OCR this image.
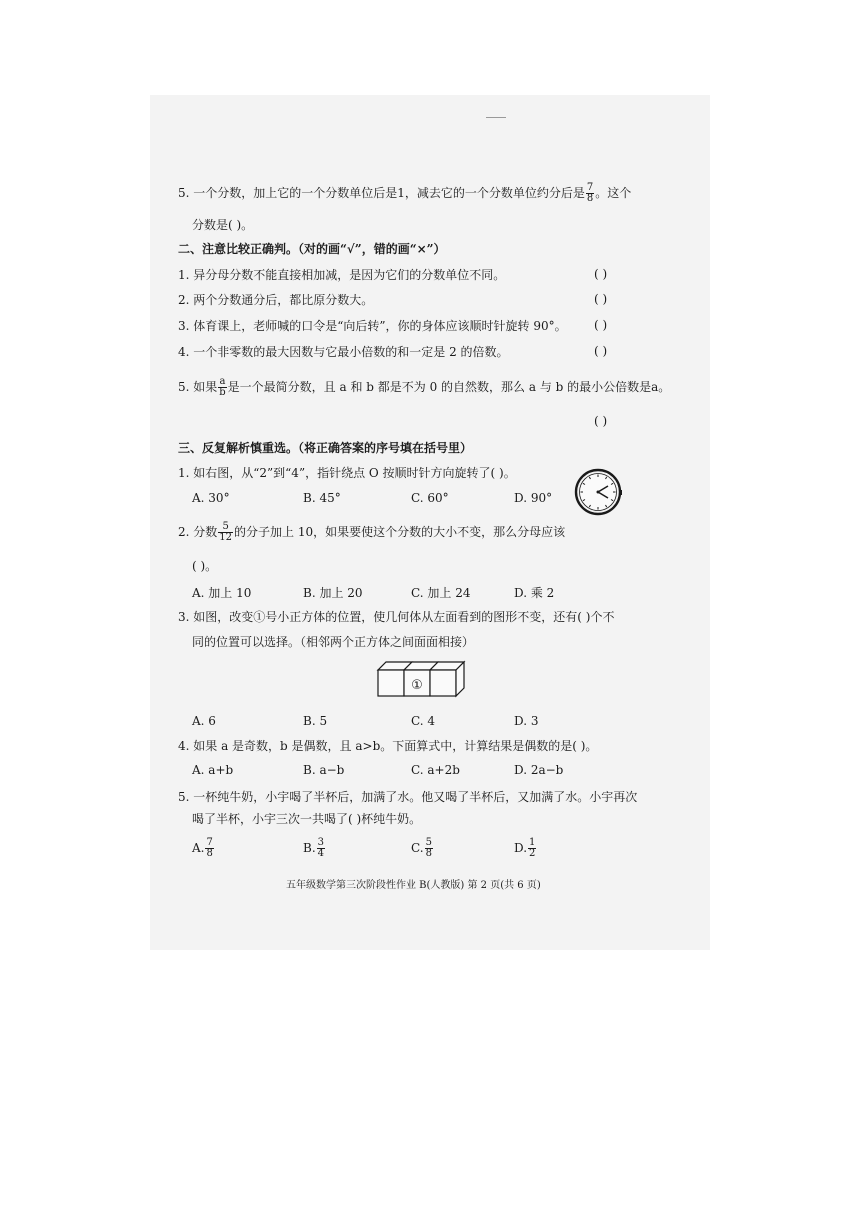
5. 一个分数，加上它的一个分数单位后是1，减去它的一个分数单位约分后是 $\frac{7}{8}$ 。这个
分数是( )。
二、注意比较正确判。（对的画“√”，错的画“×”）
1. 异分母分数不能直接相加减，是因为它们的分数单位不同。	( )
2. 两个分数通分后，都比原分数大。	( )
3. 体育课上，老师喊的口令是“向后转”，你的身体应该顺时针旋转 90°。 ( )
4. 一个非零数的最大因数与它最小倍数的和一定是 2 的倍数。	( )
5. 如果 $\frac{a}{b}$ 是一个最简分数，且 a 和 b 都是不为 0 的自然数，那么 a 与 b 的最小公倍数是a。
( )
三、反复解析慎重选。（将正确答案的序号填在括号里）
1. 如右图，从“2”到“4”，指针绕点 O 按顺时针方向旋转了( )。
A. 30°	B. 45°	C. 60°	D. 90°
2. 分数 $\frac{5}{12}$ 的分子加上 10，如果要使这个分数的大小不变，那么分母应该
( )。
A. 加上 10	B. 加上 20	C. 加上 24	D. 乘 2
3. 如图，改变①号小正方体的位置，使几何体从左面看到的图形不变，还有( )个不
同的位置可以选择。（相邻两个正方体之间面面相接）
①
A. 6	B. 5	C. 4	D. 3
4. 如果 a 是奇数，b 是偶数，且 a>b。下面算式中，计算结果是偶数的是( )。
A. a+b	B. a−b	C. a+2b	D. 2a−b
5. 一杯纯牛奶，小宇喝了半杯后，加满了水。他又喝了半杯后，又加满了水。小宇再次
喝了半杯，小宇三次一共喝了( )杯纯牛奶。
A. $\frac{7}{8}$	B. $\frac{3}{4}$	C. $\frac{5}{8}$	D. $\frac{1}{2}$
五年级数学第三次阶段性作业 B(人教版) 第 2 页(共 6 页)
